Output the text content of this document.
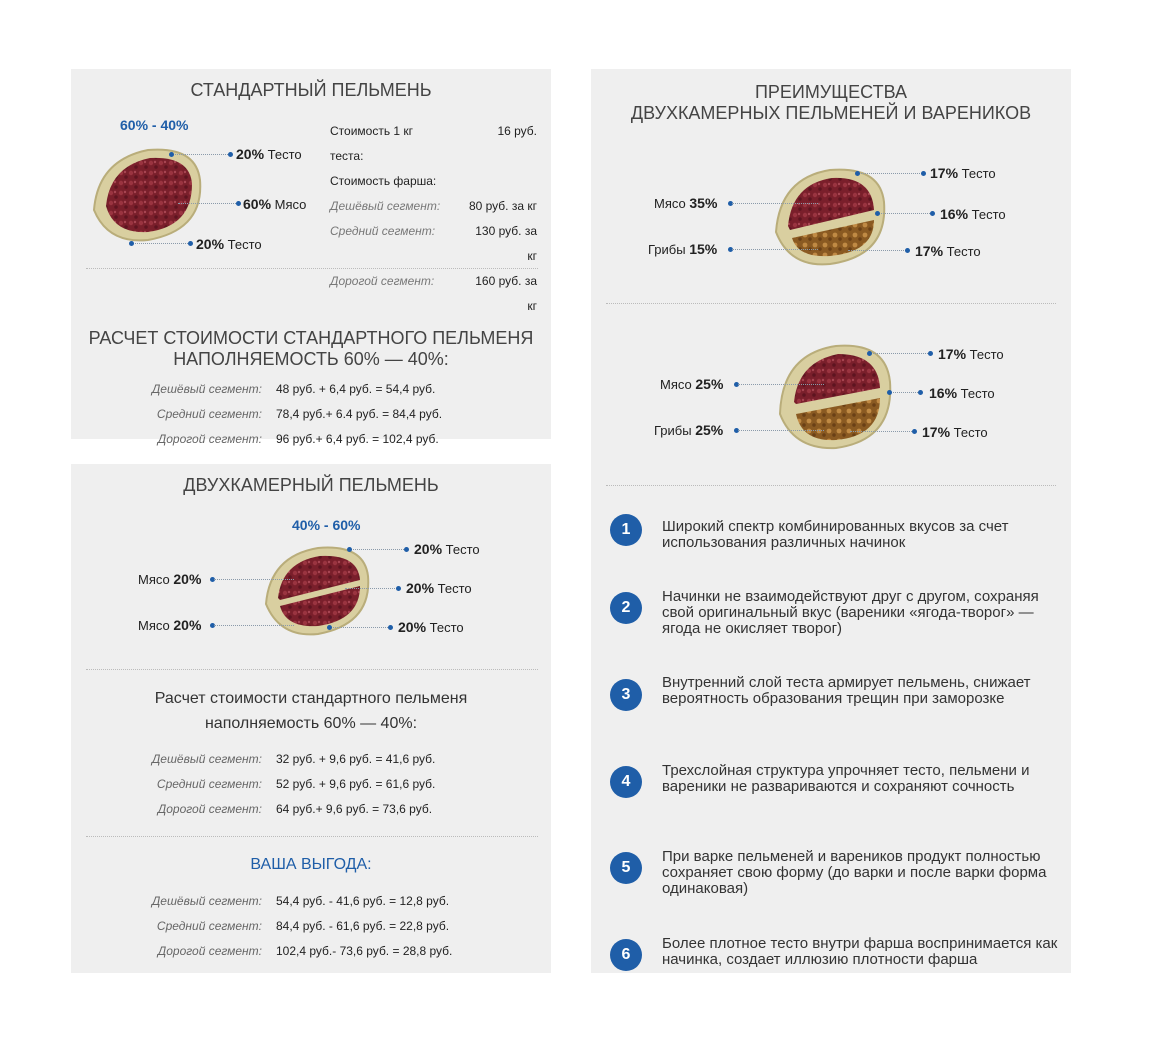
СТАНДАРТНЫЙ ПЕЛЬМЕНЬ
60% - 40%
20% Тесто
60% Мясо
20% Тесто
Стоимость 1 кг	16 руб.
теста:
Стоимость фарша:
Дешёвый сегмент:	80 руб. за кг
Средний сегмент:	130 руб. за
кг
Дорогой сегмент:	160 руб. за
кг
РАСЧЕТ СТОИМОСТИ СТАНДАРТНОГО ПЕЛЬМЕНЯ
НАПОЛНЯЕМОСТЬ 60% — 40%:
Дешёвый сегмент: 48 руб. + 6,4 руб. = 54,4 руб.
Средний сегмент: 78,4 руб.+ 6.4 руб. = 84,4 руб.
Дорогой сегмент: 96 руб.+ 6,4 руб. = 102,4 руб.
ДВУХКАМЕРНЫЙ ПЕЛЬМЕНЬ
40% - 60%
Мясо 20%
Мясо 20%
20% Тесто
20% Тесто
20% Тесто
Расчет стоимости стандартного пельменя
наполняемость 60% — 40%:
Дешёвый сегмент: 32 руб. + 9,6 руб. = 41,6 руб.
Средний сегмент: 52 руб. + 9,6 руб. = 61,6 руб.
Дорогой сегмент: 64 руб.+ 9,6 руб. = 73,6 руб.
ВАША ВЫГОДА:
Дешёвый сегмент: 54,4 руб. - 41,6 руб. = 12,8 руб.
Средний сегмент: 84,4 руб. - 61,6 руб. = 22,8 руб.
Дорогой сегмент: 102,4 руб.- 73,6 руб. = 28,8 руб.
ПРЕИМУЩЕСТВА
ДВУХКАМЕРНЫХ ПЕЛЬМЕНЕЙ И ВАРЕНИКОВ
Мясо 35%
Грибы 15%
17% Тесто
16% Тесто
17% Тесто
Мясо 25%
Грибы 25%
17% Тесто
16% Тесто
17% Тесто
1	Широкий спектр комбинированных вкусов за счет использования различных начинок
2
Начинки не взаимодействуют друг с другом, сохраняя свой оригинальный вкус (вареники «ягода-творог» — ягода не окисляет творог)
3
Внутренний слой теста армирует пельмень, снижает вероятность образования трещин при заморозке
4
Трехслойная структура упрочняет тесто, пельмени и вареники не развариваются и сохраняют сочность
5
При варке пельменей и вареников продукт полностью сохраняет свою форму (до варки и после варки форма одинаковая)
6
Более плотное тесто внутри фарша воспринимается как начинка, создает иллюзию плотности фарша
